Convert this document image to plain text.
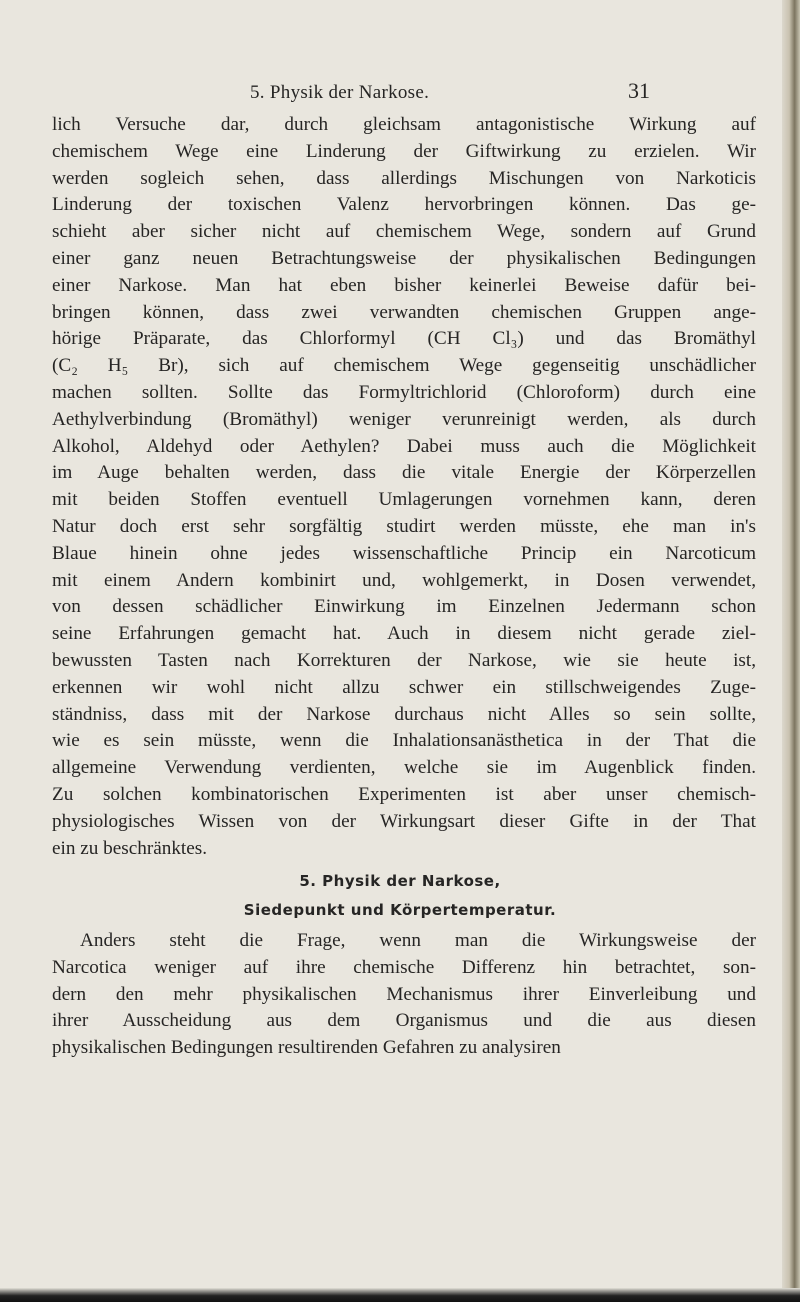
5. Physik der Narkose.	31
lich Versuche dar, durch gleichsam antagonistische Wirkung auf
chemischem Wege eine Linderung der Giftwirkung zu erzielen. Wir
werden sogleich sehen, dass allerdings Mischungen von Narkoticis
Linderung der toxischen Valenz hervorbringen können. Das ge-
schieht aber sicher nicht auf chemischem Wege, sondern auf Grund
einer ganz neuen Betrachtungsweise der physikalischen Bedingungen
einer Narkose. Man hat eben bisher keinerlei Beweise dafür bei-
bringen können, dass zwei verwandten chemischen Gruppen ange-
hörige Präparate, das Chlorformyl (CH Cl₃) und das Bromäthyl
(C₂ H₅ Br), sich auf chemischem Wege gegenseitig unschädlicher
machen sollten. Sollte das Formyltrichlorid (Chloroform) durch eine
Aethylverbindung (Bromäthyl) weniger verunreinigt werden, als durch
Alkohol, Aldehyd oder Aethylen? Dabei muss auch die Möglichkeit
im Auge behalten werden, dass die vitale Energie der Körperzellen
mit beiden Stoffen eventuell Umlagerungen vornehmen kann, deren
Natur doch erst sehr sorgfältig studirt werden müsste, ehe man in's
Blaue hinein ohne jedes wissenschaftliche Princip ein Narcoticum
mit einem Andern kombinirt und, wohlgemerkt, in Dosen verwendet,
von dessen schädlicher Einwirkung im Einzelnen Jedermann schon
seine Erfahrungen gemacht hat. Auch in diesem nicht gerade ziel-
bewussten Tasten nach Korrekturen der Narkose, wie sie heute ist,
erkennen wir wohl nicht allzu schwer ein stillschweigendes Zuge-
ständniss, dass mit der Narkose durchaus nicht Alles so sein sollte,
wie es sein müsste, wenn die Inhalationsanästhetica in der That die
allgemeine Verwendung verdienten, welche sie im Augenblick finden.
Zu solchen kombinatorischen Experimenten ist aber unser chemisch-
physiologisches Wissen von der Wirkungsart dieser Gifte in der That
ein zu beschränktes.
5. Physik der Narkose,
Siedepunkt und Körpertemperatur.
Anders steht die Frage, wenn man die Wirkungsweise der
Narcotica weniger auf ihre chemische Differenz hin betrachtet, son-
dern den mehr physikalischen Mechanismus ihrer Einverleibung und
ihrer Ausscheidung aus dem Organismus und die aus diesen
physikalischen Bedingungen resultirenden Gefahren zu analysiren
